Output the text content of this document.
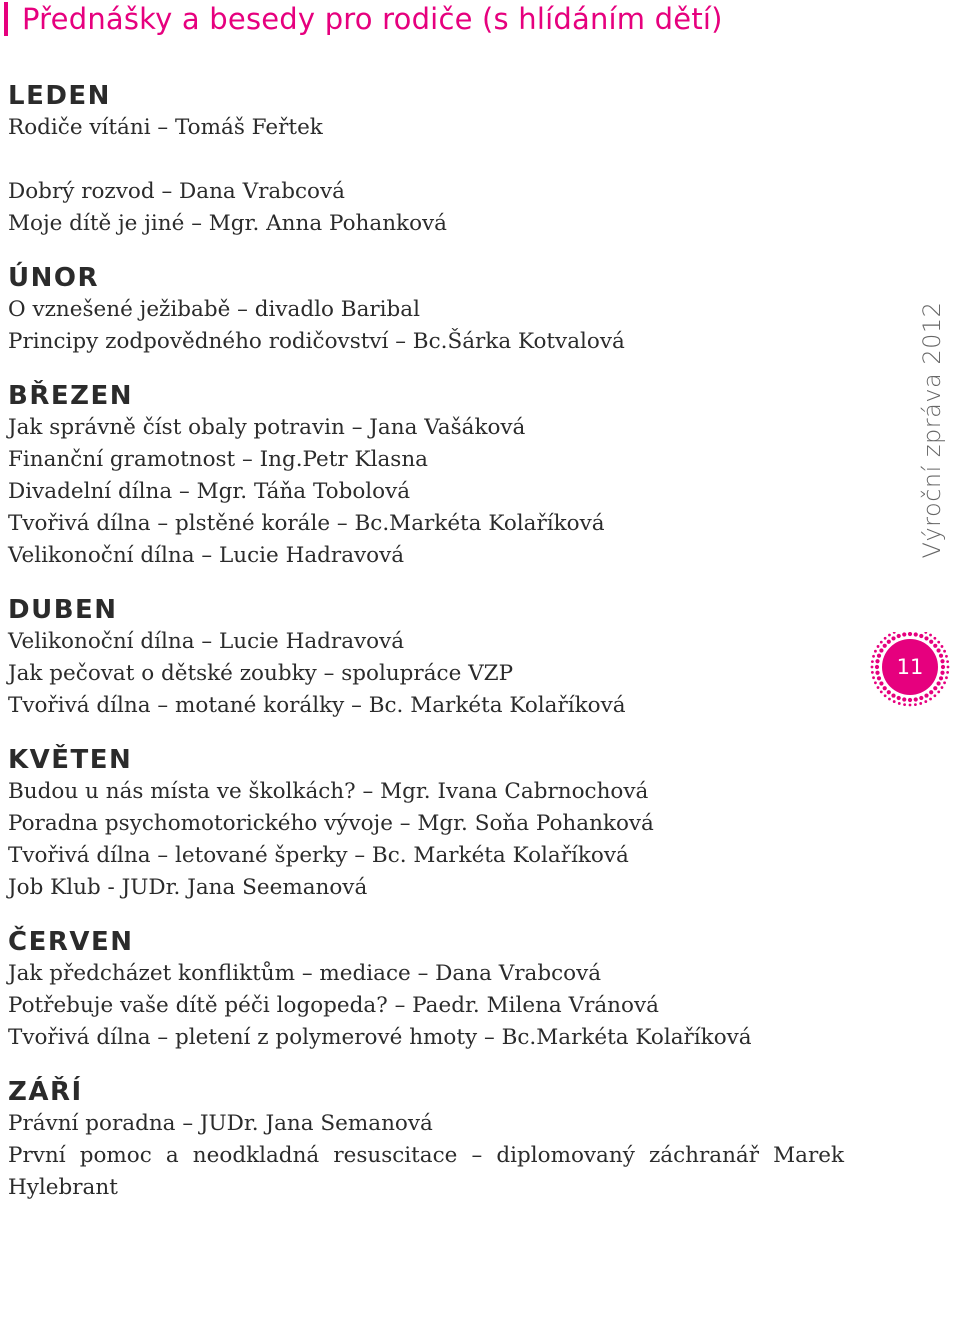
Přednášky a besedy pro rodiče (s hlídáním dětí)
LEDEN
Rodiče vítáni – Tomáš Feřtek
Dobrý rozvod – Dana Vrabcová
Moje dítě je jiné – Mgr. Anna Pohanková
ÚNOR
O vznešené ježibabě – divadlo Baribal
Principy zodpovědného rodičovství – Bc.Šárka Kotvalová
BŘEZEN
Jak správně číst obaly potravin – Jana Vašáková
Finanční gramotnost – Ing.Petr Klasna
Divadelní dílna – Mgr. Táňa Tobolová
Tvořivá dílna – plstěné korále – Bc.Markéta Kolaříková
Velikonoční dílna – Lucie Hadravová
DUBEN
Velikonoční dílna – Lucie Hadravová
Jak pečovat o dětské zoubky – spolupráce VZP
Tvořivá dílna – motané korálky – Bc. Markéta Kolaříková
KVĚTEN
Budou u nás místa ve školkách? – Mgr. Ivana Cabrnochová
Poradna psychomotorického vývoje – Mgr. Soňa Pohanková
Tvořivá dílna – letované šperky – Bc. Markéta Kolaříková
Job Klub - JUDr. Jana Seemanová
ČERVEN
Jak předcházet konfliktům – mediace – Dana Vrabcová
Potřebuje vaše dítě péči logopeda? – Paedr. Milena Vránová
Tvořivá dílna – pletení z polymerové hmoty – Bc.Markéta Kolaříková
ZÁŘÍ
Právní poradna – JUDr. Jana Semanová
První pomoc a neodkladná resuscitace – diplomovaný záchranář Marek
Hylebrant
Výroční zpráva 2012
11
